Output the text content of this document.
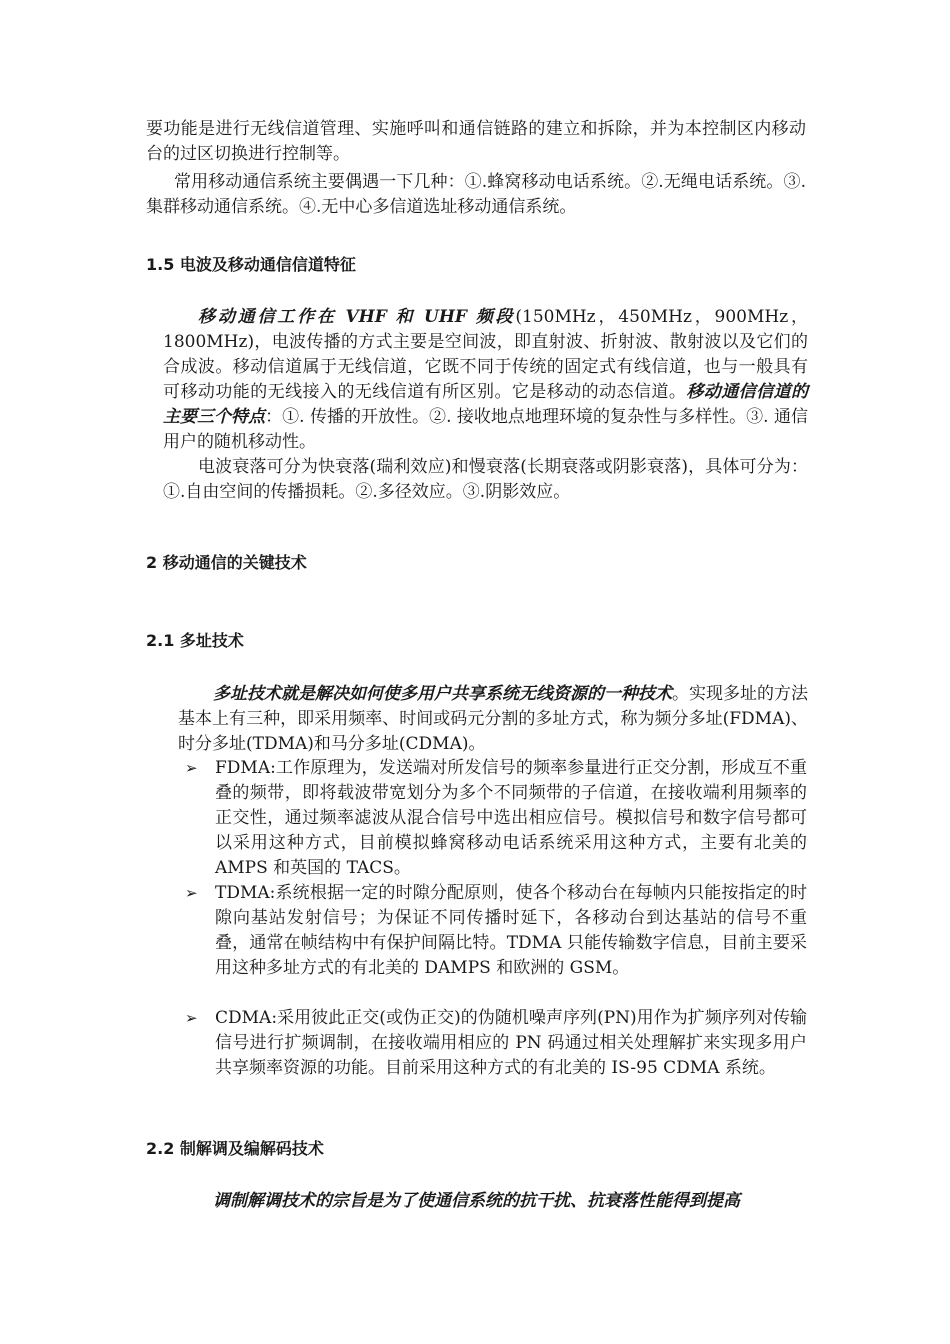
要功能是进行无线信道管理、实施呼叫和通信链路的建立和拆除，并为本控制区内移动台的过区切换进行控制等。

常用移动通信系统主要偶遇一下几种：①.蜂窝移动电话系统。②.无绳电话系统。③.集群移动通信系统。④.无中心多信道选址移动通信系统。

1.5 电波及移动通信信道特征

移动通信工作在 VHF 和 UHF 频段(150MHz，450MHz，900MHz，1800MHz)，电波传播的方式主要是空间波，即直射波、折射波、散射波以及它们的合成波。移动信道属于无线信道，它既不同于传统的固定式有线信道，也与一般具有可移动功能的无线接入的无线信道有所区别。它是移动的动态信道。移动通信信道的主要三个特点：①. 传播的开放性。②. 接收地点地理环境的复杂性与多样性。③. 通信用户的随机移动性。

电波衰落可分为快衰落(瑞利效应)和慢衰落(长期衰落或阴影衰落)，具体可分为：①.自由空间的传播损耗。②.多径效应。③.阴影效应。

2 移动通信的关键技术
2.1 多址技术

多址技术就是解决如何使多用户共享系统无线资源的一种技术。实现多址的方法基本上有三种，即采用频率、时间或码元分割的多址方式，称为频分多址(FDMA)、时分多址(TDMA)和马分多址(CDMA)。

➢	FDMA:工作原理为，发送端对所发信号的频率参量进行正交分割，形成互不重叠的频带，即将载波带宽划分为多个不同频带的子信道，在接收端利用频率的正交性，通过频率滤波从混合信号中选出相应信号。模拟信号和数字信号都可以采用这种方式，目前模拟蜂窝移动电话系统采用这种方式，主要有北美的 AMPS 和英国的 TACS。
➢	TDMA:系统根据一定的时隙分配原则，使各个移动台在每帧内只能按指定的时隙向基站发射信号；为保证不同传播时延下，各移动台到达基站的信号不重叠，通常在帧结构中有保护间隔比特。TDMA 只能传输数字信息，目前主要采用这种多址方式的有北美的 DAMPS 和欧洲的 GSM。
➢	CDMA:采用彼此正交(或伪正交)的伪随机噪声序列(PN)用作为扩频序列对传输信号进行扩频调制，在接收端用相应的 PN 码通过相关处理解扩来实现多用户共享频率资源的功能。目前采用这种方式的有北美的 IS-95 CDMA 系统。
2.2 制解调及编解码技术

调制解调技术的宗旨是为了使通信系统的抗干扰、抗衰落性能得到提高
